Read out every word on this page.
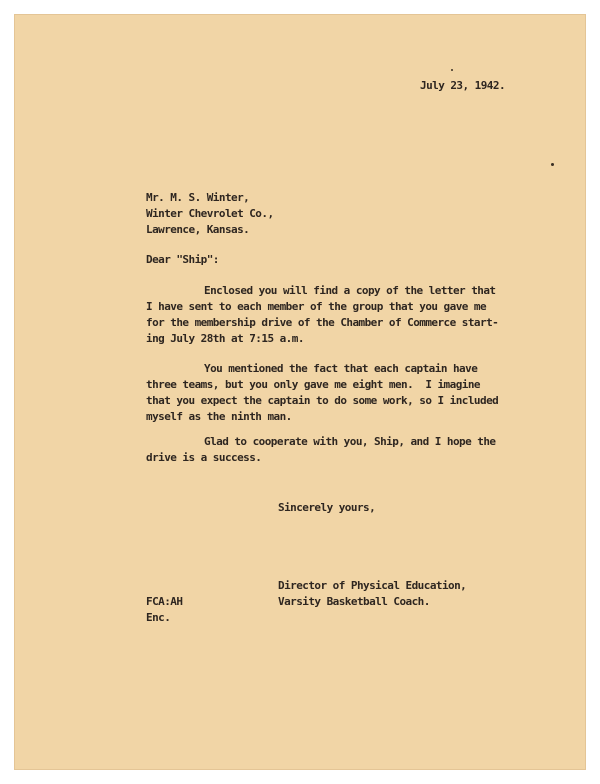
July 23, 1942.
Mr. M. S. Winter,
Winter Chevrolet Co.,
Lawrence, Kansas.
Dear "Ship":
Enclosed you will find a copy of the letter that
I have sent to each member of the group that you gave me
for the membership drive of the Chamber of Commerce start-
ing July 28th at 7:15 a.m.
You mentioned the fact that each captain have
three teams, but you only gave me eight men.  I imagine
that you expect the captain to do some work, so I included
myself as the ninth man.
Glad to cooperate with you, Ship, and I hope the
drive is a success.
Sincerely yours,
Director of Physical Education,
Varsity Basketball Coach.
FCA:AH
Enc.
